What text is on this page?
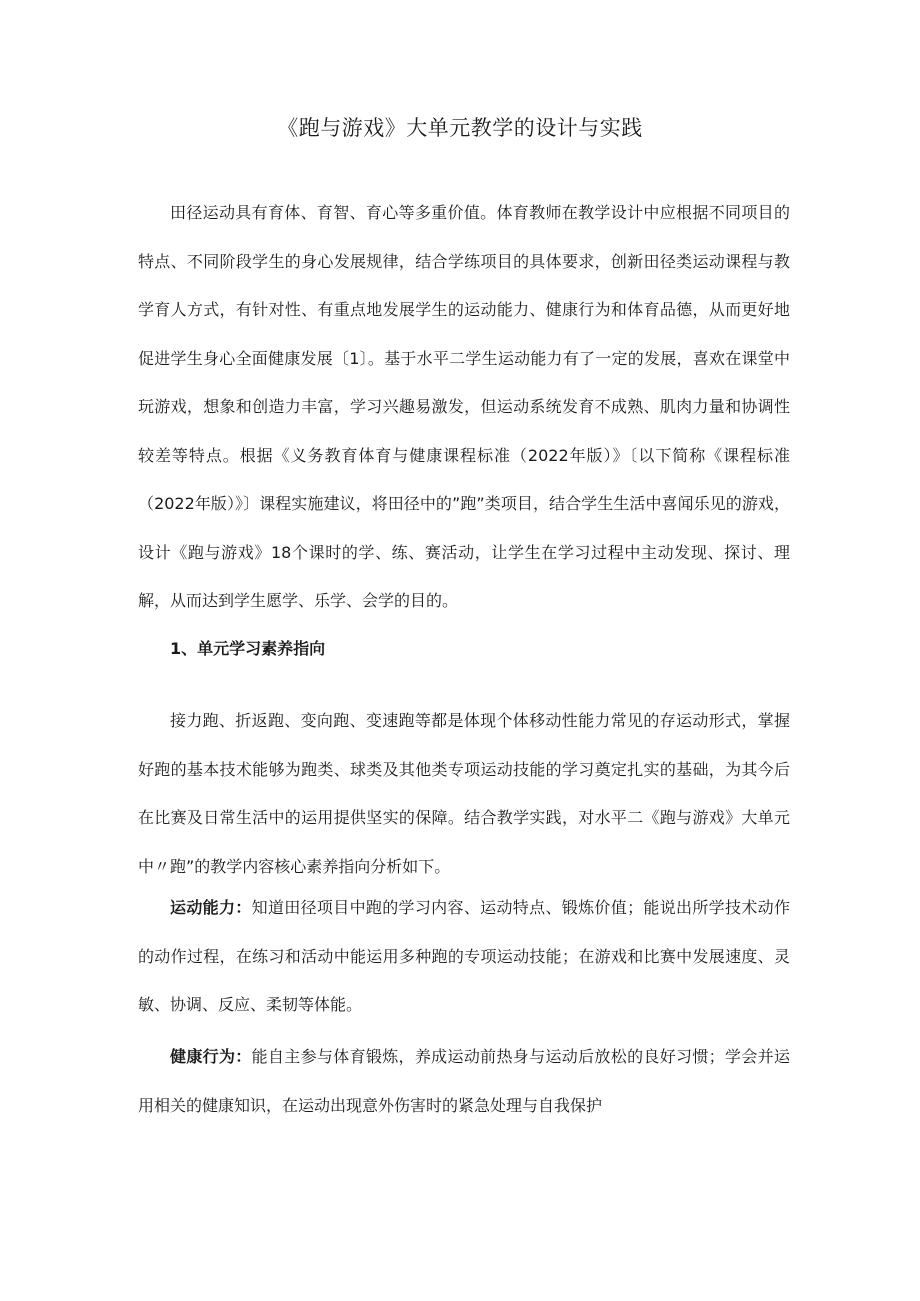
《跑与游戏》大单元教学的设计与实践

田径运动具有育体、育智、育心等多重价值。体育教师在教学设计中应根据不同项目的特点、不同阶段学生的身心发展规律，结合学练项目的具体要求，创新田径类运动课程与教学育人方式，有针对性、有重点地发展学生的运动能力、健康行为和体育品德，从而更好地促进学生身心全面健康发展〔1〕。基于水平二学生运动能力有了一定的发展，喜欢在课堂中玩游戏，想象和创造力丰富，学习兴趣易激发，但运动系统发育不成熟、肌肉力量和协调性较差等特点。根据《义务教育体育与健康课程标准（2022年版）》〔以下简称《课程标准（2022年版）》〕课程实施建议，将田径中的”跑”类项目，结合学生生活中喜闻乐见的游戏，设计《跑与游戏》18个课时的学、练、赛活动，让学生在学习过程中主动发现、探讨、理解，从而达到学生愿学、乐学、会学的目的。

1、单元学习素养指向

接力跑、折返跑、变向跑、变速跑等都是体现个体移动性能力常见的存运动形式，掌握好跑的基本技术能够为跑类、球类及其他类专项运动技能的学习奠定扎实的基础，为其今后在比赛及日常生活中的运用提供坚实的保障。结合教学实践，对水平二《跑与游戏》大单元中〃跑”的教学内容核心素养指向分析如下。

运动能力：知道田径项目中跑的学习内容、运动特点、锻炼价值；能说出所学技术动作的动作过程，在练习和活动中能运用多种跑的专项运动技能；在游戏和比赛中发展速度、灵敏、协调、反应、柔韧等体能。

健康行为：能自主参与体育锻炼，养成运动前热身与运动后放松的良好习惯；学会并运用相关的健康知识，在运动出现意外伤害时的紧急处理与自我保护
